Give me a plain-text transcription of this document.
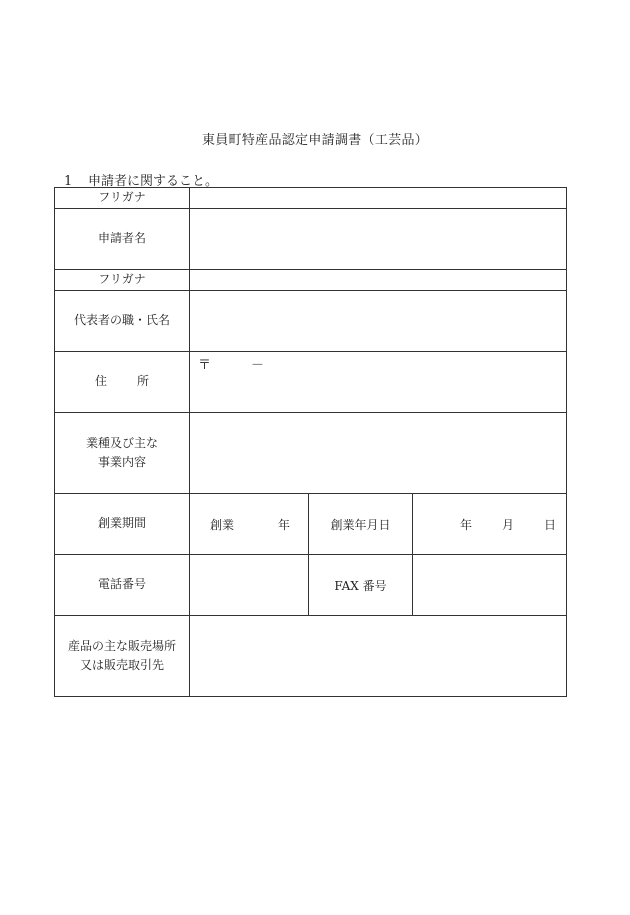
東員町特産品認定申請調書（工芸品）
1 申請者に関すること。
フリガナ			
申請者名			
フリガナ			
代表者の職・氏名			
住 所	〒 －		

業種及び主な
事業内容			

創業期間	創業 年	創業年月日	年 月 日

電話番号		FAX 番号	

産品の主な販売場所
又は販売取引先			
